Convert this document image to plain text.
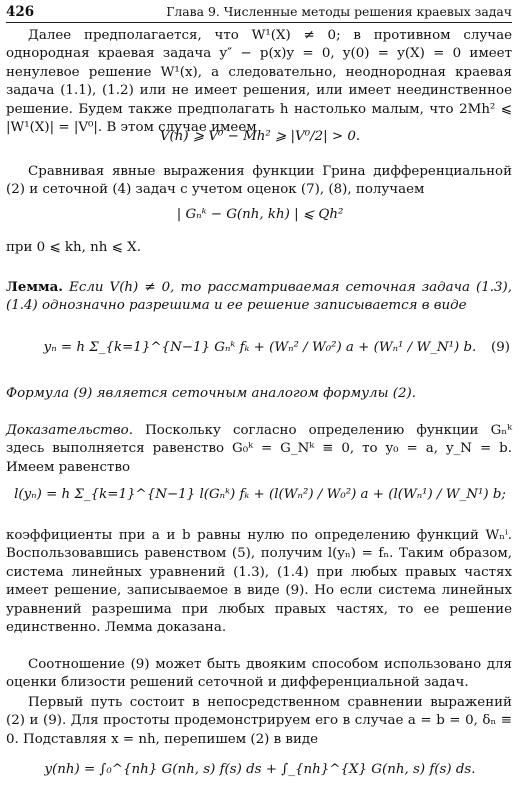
426	Глава 9. Численные методы решения краевых задач
Далее предполагается, что W¹(X) ≠ 0; в противном случае однородная краевая задача y″ − p(x)y = 0, y(0) = y(X) = 0 имеет ненулевое решение W¹(x), а следовательно, неоднородная краевая задача (1.1), (1.2) или не имеет решения, или имеет неединственное решение. Будем также предполагать h настолько малым, что 2Mh² ⩽ |W¹(X)| = |V⁰|. В этом случае имеем
V(h) ⩾ V⁰ − Mh² ⩾ |V⁰/2| > 0.
Сравнивая явные выражения функции Грина дифференциальной (2) и сеточной (4) задач с учетом оценок (7), (8), получаем
| Gₙᵏ − G(nh, kh) | ⩽ Qh²
при 0 ⩽ kh, nh ⩽ X.
Лемма. Если V(h) ≠ 0, то рассматриваемая сеточная задача (1.3), (1.4) однозначно разрешима и ее решение записывается в виде
yₙ = h Σ_{k=1}^{N−1} Gₙᵏ fₖ + (Wₙ² / W₀²) a + (Wₙ¹ / W_N¹) b.	(9)
Формула (9) является сеточным аналогом формулы (2).
Доказательство. Поскольку согласно определению функции Gₙᵏ здесь выполняется равенство G₀ᵏ = G_Nᵏ ≡ 0, то y₀ = a, y_N = b. Имеем равенство
l(yₙ) = h Σ_{k=1}^{N−1} l(Gₙᵏ) fₖ + (l(Wₙ²) / W₀²) a + (l(Wₙ¹) / W_N¹) b;
коэффициенты при a и b равны нулю по определению функций Wₙⁱ. Воспользовавшись равенством (5), получим l(yₙ) = fₙ. Таким образом, система линейных уравнений (1.3), (1.4) при любых правых частях имеет решение, записываемое в виде (9). Но если система линейных уравнений разрешима при любых правых частях, то ее решение единственно. Лемма доказана.
Соотношение (9) может быть двояким способом использовано для оценки близости решений сеточной и дифференциальной задач.
Первый путь состоит в непосредственном сравнении выражений (2) и (9). Для простоты продемонстрируем его в случае a = b = 0, δₙ ≡ 0. Подставляя x = nh, перепишем (2) в виде
y(nh) = ∫₀^{nh} G(nh, s) f(s) ds + ∫_{nh}^{X} G(nh, s) f(s) ds.
